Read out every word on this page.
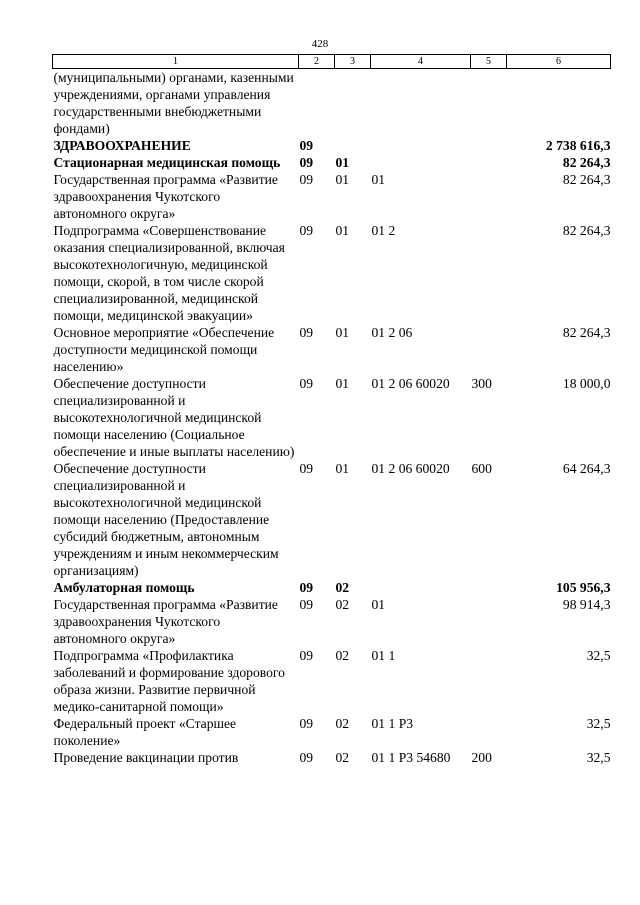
428
1	2	3	4	5	6
(муниципальными) органами, казенными учреждениями, органами управления государственными внебюджетными фондами)					
ЗДРАВООХРАНЕНИЕ	09				2 738 616,3
Стационарная медицинская помощь	09	01			82 264,3
Государственная программа «Развитие здравоохранения Чукотского автономного округа»	09	01	01		82 264,3
Подпрограмма «Совершенствование оказания специализированной, включая высокотехнологичную, медицинской помощи, скорой, в том числе скорой специализированной, медицинской помощи, медицинской эвакуации»	09	01	01 2		82 264,3
Основное мероприятие «Обеспечение доступности медицинской помощи населению»	09	01	01 2 06		82 264,3
Обеспечение доступности специализированной и высокотехнологичной медицинской помощи населению (Социальное обеспечение и иные выплаты населению)	09	01	01 2 06 60020	300	18 000,0
Обеспечение доступности специализированной и высокотехнологичной медицинской помощи населению (Предоставление субсидий бюджетным, автономным учреждениям и иным некоммерческим организациям)	09	01	01 2 06 60020	600	64 264,3
Амбулаторная помощь	09	02			105 956,3
Государственная программа «Развитие здравоохранения Чукотского автономного округа»	09	02	01		98 914,3
Подпрограмма «Профилактика заболеваний и формирование здорового образа жизни. Развитие первичной медико-санитарной помощи»	09	02	01 1		32,5
Федеральный проект «Старшее поколение»	09	02	01 1 P3		32,5
Проведение вакцинации против	09	02	01 1 P3 54680	200	32,5
